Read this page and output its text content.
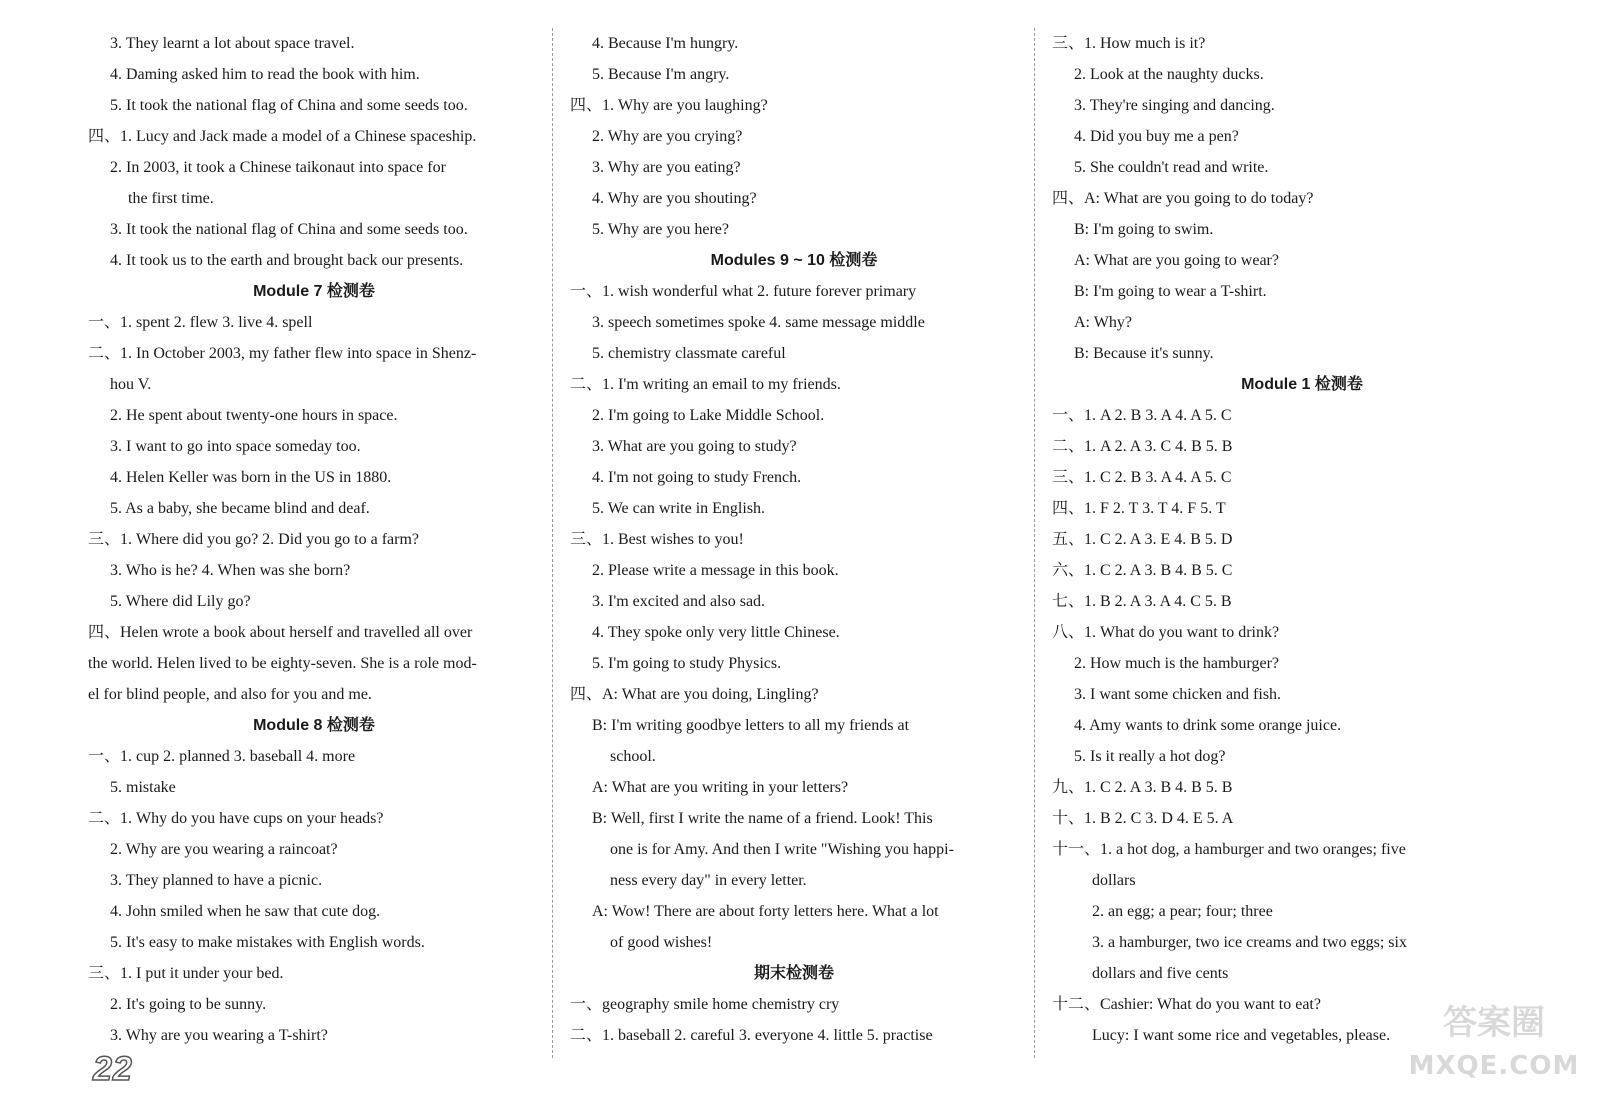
3. They learnt a lot about space travel.
4. Daming asked him to read the book with him.
5. It took the national flag of China and some seeds too.
四、1. Lucy and Jack made a model of a Chinese spaceship.
2. In 2003, it took a Chinese taikonaut into space for
the first time.
3. It took the national flag of China and some seeds too.
4. It took us to the earth and brought back our presents.
Module 7 检测卷
一、1. spent 2. flew 3. live 4. spell
二、1. In October 2003, my father flew into space in Shenz-
hou V.
2. He spent about twenty-one hours in space.
3. I want to go into space someday too.
4. Helen Keller was born in the US in 1880.
5. As a baby, she became blind and deaf.
三、1. Where did you go? 2. Did you go to a farm?
3. Who is he? 4. When was she born?
5. Where did Lily go?
四、Helen wrote a book about herself and travelled all over
the world. Helen lived to be eighty-seven. She is a role mod-
el for blind people, and also for you and me.
Module 8 检测卷
一、1. cup 2. planned 3. baseball 4. more
5. mistake
二、1. Why do you have cups on your heads?
2. Why are you wearing a raincoat?
3. They planned to have a picnic.
4. John smiled when he saw that cute dog.
5. It's easy to make mistakes with English words.
三、1. I put it under your bed.
2. It's going to be sunny.
3. Why are you wearing a T-shirt?
4. Because I'm hungry.
5. Because I'm angry.
四、1. Why are you laughing?
2. Why are you crying?
3. Why are you eating?
4. Why are you shouting?
5. Why are you here?
Modules 9 ~ 10 检测卷
一、1. wish wonderful what 2. future forever primary
3. speech sometimes spoke 4. same message middle
5. chemistry classmate careful
二、1. I'm writing an email to my friends.
2. I'm going to Lake Middle School.
3. What are you going to study?
4. I'm not going to study French.
5. We can write in English.
三、1. Best wishes to you!
2. Please write a message in this book.
3. I'm excited and also sad.
4. They spoke only very little Chinese.
5. I'm going to study Physics.
四、A: What are you doing, Lingling?
B: I'm writing goodbye letters to all my friends at
school.
A: What are you writing in your letters?
B: Well, first I write the name of a friend. Look! This
one is for Amy. And then I write "Wishing you happi-
ness every day" in every letter.
A: Wow! There are about forty letters here. What a lot
of good wishes!
期末检测卷
一、geography smile home chemistry cry
二、1. baseball 2. careful 3. everyone 4. little 5. practise
三、1. How much is it?
2. Look at the naughty ducks.
3. They're singing and dancing.
4. Did you buy me a pen?
5. She couldn't read and write.
四、A: What are you going to do today?
B: I'm going to swim.
A: What are you going to wear?
B: I'm going to wear a T-shirt.
A: Why?
B: Because it's sunny.
Module 1 检测卷
一、1. A 2. B 3. A 4. A 5. C
二、1. A 2. A 3. C 4. B 5. B
三、1. C 2. B 3. A 4. A 5. C
四、1. F 2. T 3. T 4. F 5. T
五、1. C 2. A 3. E 4. B 5. D
六、1. C 2. A 3. B 4. B 5. C
七、1. B 2. A 3. A 4. C 5. B
八、1. What do you want to drink?
2. How much is the hamburger?
3. I want some chicken and fish.
4. Amy wants to drink some orange juice.
5. Is it really a hot dog?
九、1. C 2. A 3. B 4. B 5. B
十、1. B 2. C 3. D 4. E 5. A
十一、1. a hot dog, a hamburger and two oranges; five
dollars
2. an egg; a pear; four; three
3. a hamburger, two ice creams and two eggs; six
dollars and five cents
十二、Cashier: What do you want to eat?
Lucy: I want some rice and vegetables, please.
22
答案圈
MXQE.COM
